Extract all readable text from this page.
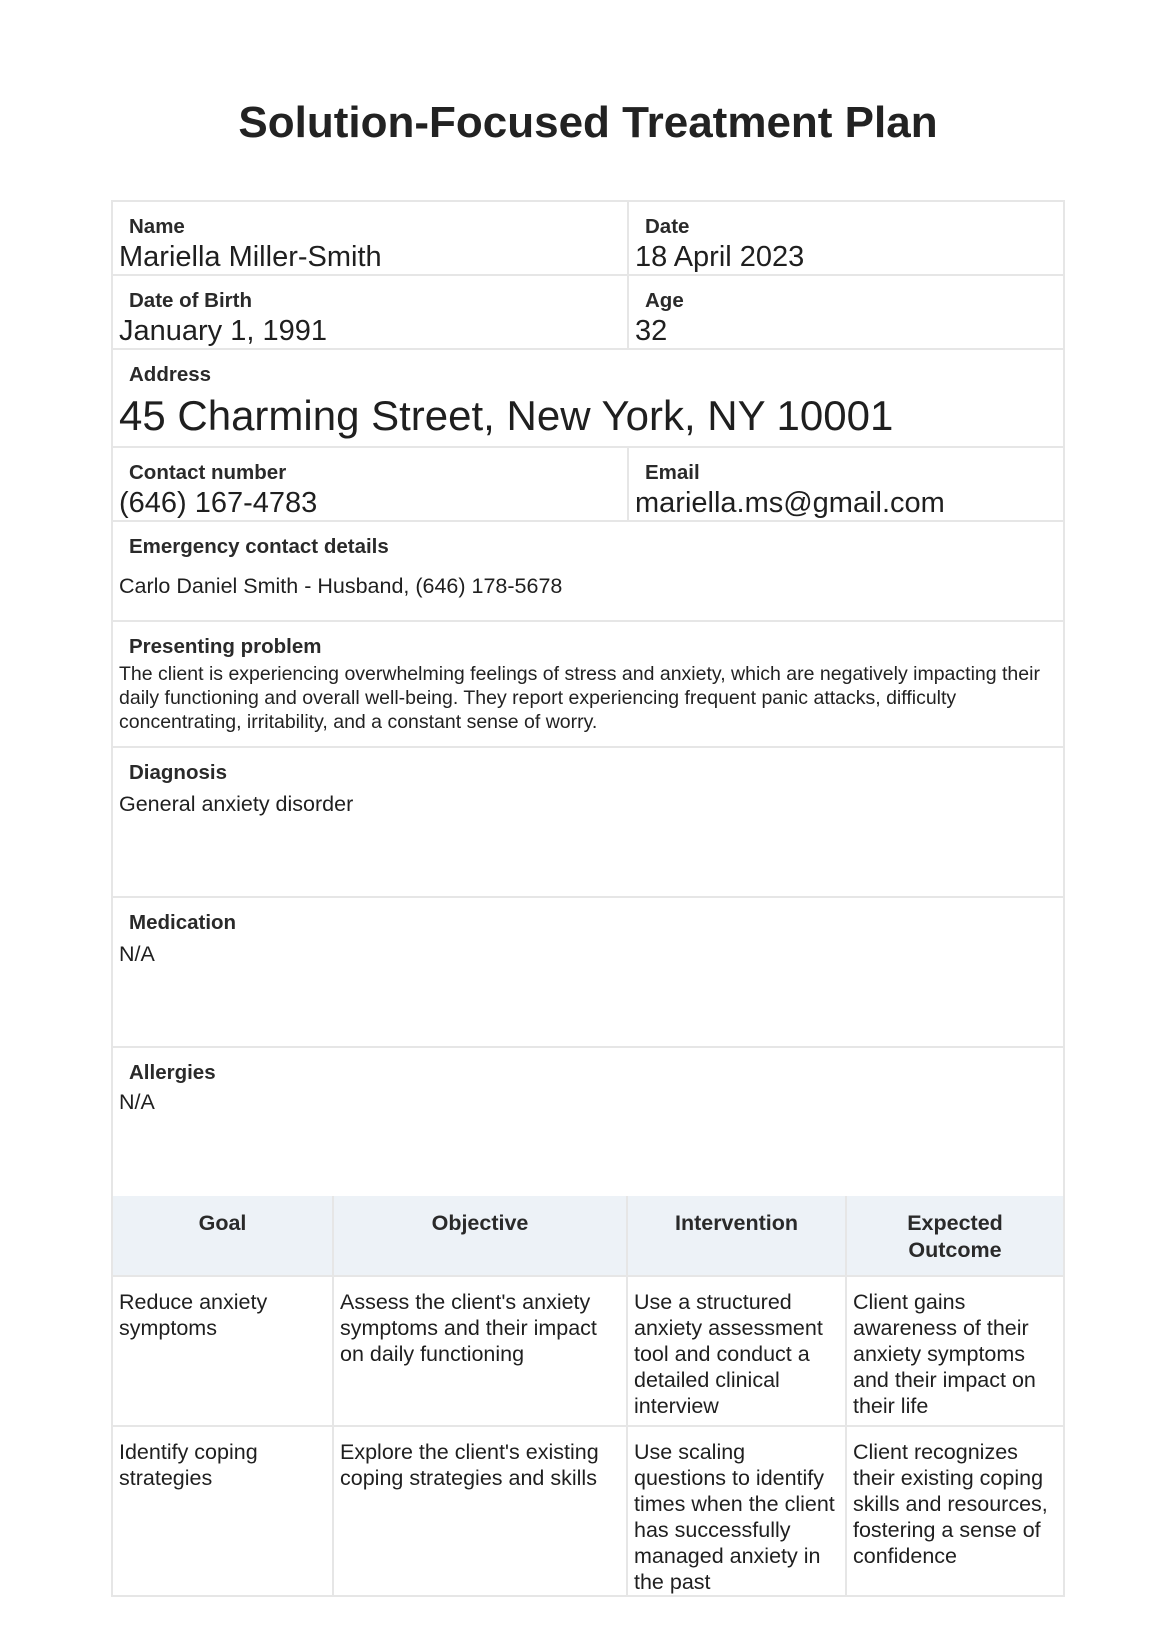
Solution-Focused Treatment Plan
Name
Mariella Miller-Smith
Date
18 April 2023
Date of Birth
January 1, 1991
Age
32
Address
45 Charming Street, New York, NY 10001
Contact number
(646) 167-4783
Email
mariella.ms@gmail.com
Emergency contact details
Carlo Daniel Smith - Husband, (646) 178-5678
Presenting problem
The client is experiencing overwhelming feelings of stress and anxiety, which are negatively impacting their daily functioning and overall well-being. They report experiencing frequent panic attacks, difficulty concentrating, irritability, and a constant sense of worry.
Diagnosis
General anxiety disorder
Medication
N/A
Allergies
N/A
Goal	Objective	Intervention	Expected Outcome
Reduce anxiety symptoms	Assess the client's anxiety symptoms and their impact on daily functioning	Use a structured anxiety assessment tool and conduct a detailed clinical interview	Client gains awareness of their anxiety symptoms and their impact on their life
Identify coping strategies	Explore the client's existing coping strategies and skills	Use scaling questions to identify times when the client has successfully managed anxiety in the past	Client recognizes their existing coping skills and resources, fostering a sense of confidence
